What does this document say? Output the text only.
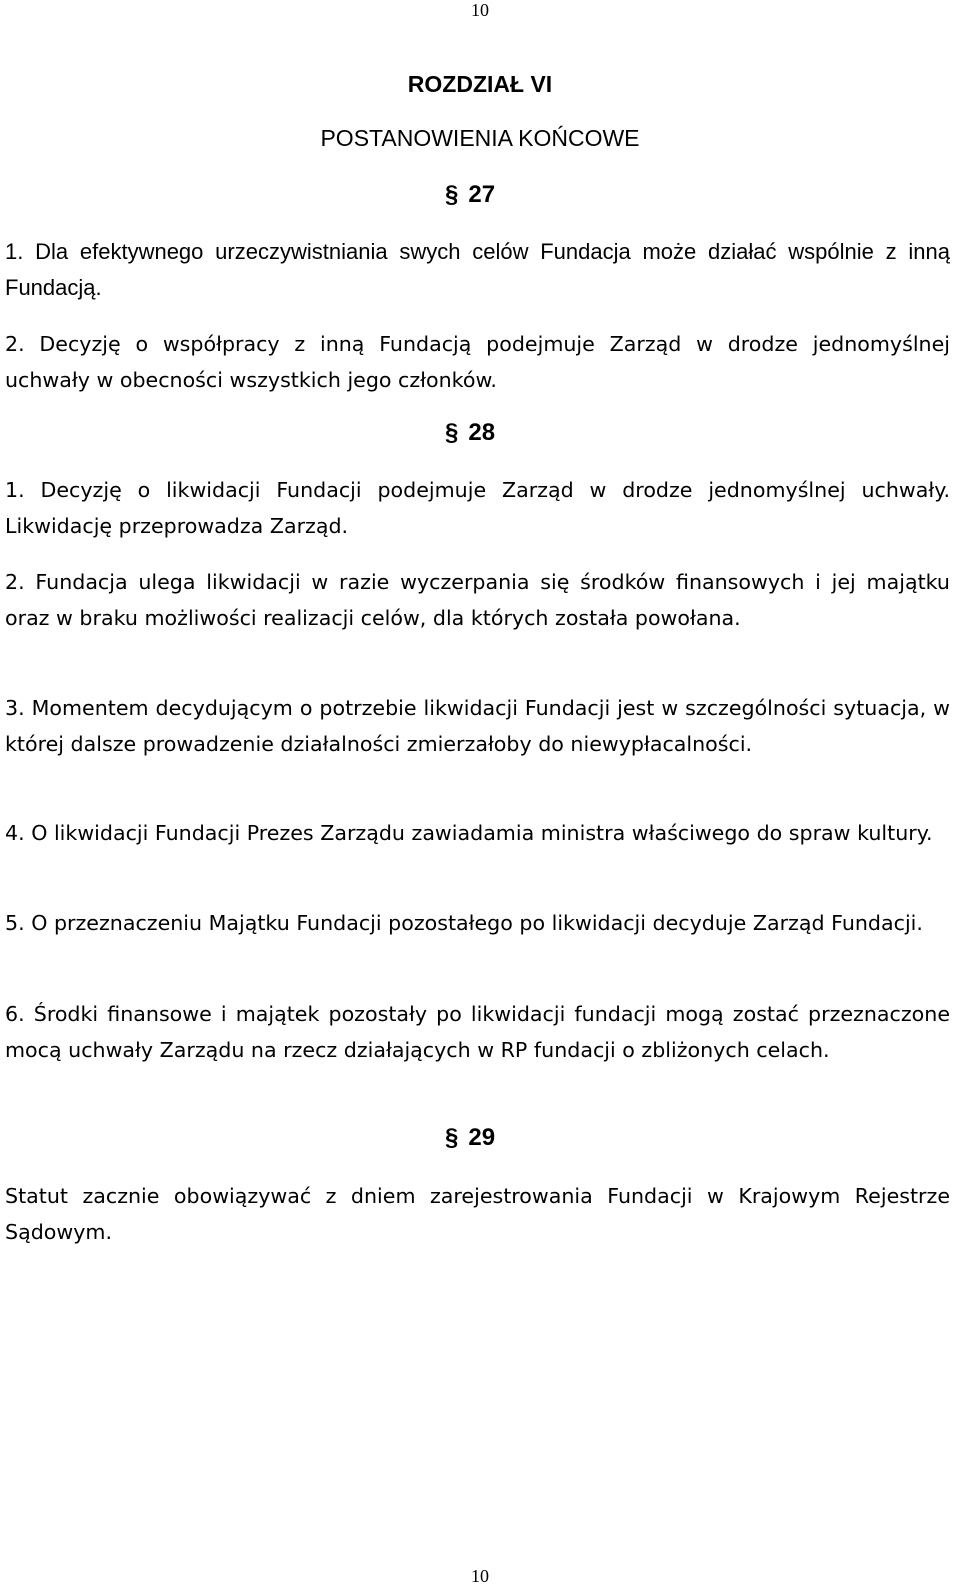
10
ROZDZIAŁ VI
POSTANOWIENIA KOŃCOWE
§ 27
1. Dla efektywnego urzeczywistniania swych celów Fundacja może działać wspólnie z inną Fundacją.
2. Decyzję o współpracy z inną Fundacją podejmuje Zarząd w drodze jednomyślnej uchwały w obecności wszystkich jego członków.
§ 28
1. Decyzję o likwidacji Fundacji podejmuje Zarząd w drodze jednomyślnej uchwały. Likwidację przeprowadza Zarząd.
2. Fundacja ulega likwidacji w razie wyczerpania się środków finansowych i jej majątku oraz w braku możliwości realizacji celów, dla których została powołana.
3. Momentem decydującym o potrzebie likwidacji Fundacji jest w szczególności sytuacja, w której dalsze prowadzenie działalności zmierzałoby do niewypłacalności.
4. O likwidacji Fundacji Prezes Zarządu zawiadamia ministra właściwego do spraw kultury.
5. O przeznaczeniu Majątku Fundacji pozostałego po likwidacji decyduje Zarząd Fundacji.
6. Środki finansowe i majątek pozostały po likwidacji fundacji mogą zostać przeznaczone mocą uchwały Zarządu na rzecz działających w RP fundacji o zbliżonych celach.
§ 29
Statut zacznie obowiązywać z dniem zarejestrowania Fundacji w Krajowym Rejestrze Sądowym.
10
